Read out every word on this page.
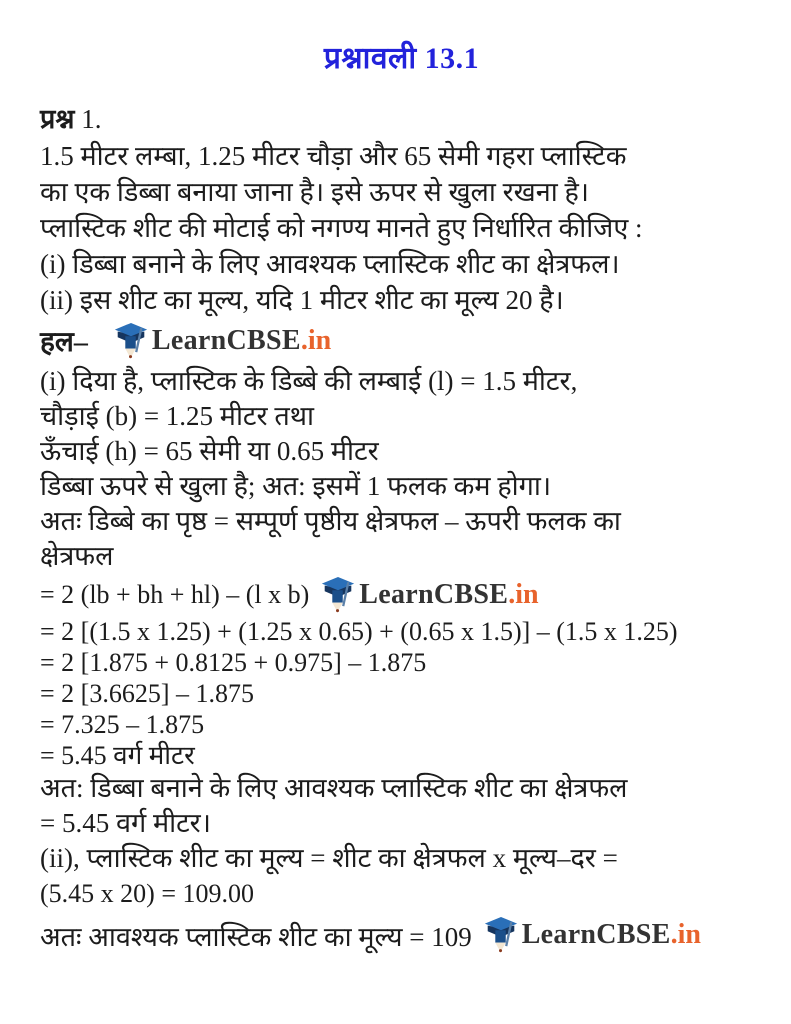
प्रश्नावली 13.1
प्रश्न 1.
1.5 मीटर लम्बा, 1.25 मीटर चौड़ा और 65 सेमी गहरा प्लास्टिक
का एक डिब्बा बनाया जाना है। इसे ऊपर से खुला रखना है।
प्लास्टिक शीट की मोटाई को नगण्य मानते हुए निर्धारित कीजिए :
(i) डिब्बा बनाने के लिए आवश्यक प्लास्टिक शीट का क्षेत्रफल।
(ii) इस शीट का मूल्य, यदि 1 मीटर शीट का मूल्य 20 है।
हल– LearnCBSE .in
(i) दिया है, प्लास्टिक के डिब्बे की लम्बाई (l) = 1.5 मीटर,
चौड़ाई (b) = 1.25 मीटर तथा
ऊँचाई (h) = 65 सेमी या 0.65 मीटर
डिब्बा ऊपरे से खुला है; अत: इसमें 1 फलक कम होगा।
अतः डिब्बे का पृष्ठ = सम्पूर्ण पृष्ठीय क्षेत्रफल – ऊपरी फलक का
क्षेत्रफल
= 2 (lb + bh + hl) – (l x b) LearnCBSE .in
= 2 [(1.5 x 1.25) + (1.25 x 0.65) + (0.65 x 1.5)] – (1.5 x 1.25)
= 2 [1.875 + 0.8125 + 0.975] – 1.875
= 2 [3.6625] – 1.875
= 7.325 – 1.875
= 5.45 वर्ग मीटर
अत: डिब्बा बनाने के लिए आवश्यक प्लास्टिक शीट का क्षेत्रफल
= 5.45 वर्ग मीटर।
(ii), प्लास्टिक शीट का मूल्य = शीट का क्षेत्रफल x मूल्य–दर =
(5.45 x 20) = 109.00
अतः आवश्यक प्लास्टिक शीट का मूल्य = 109 LearnCBSE .in
